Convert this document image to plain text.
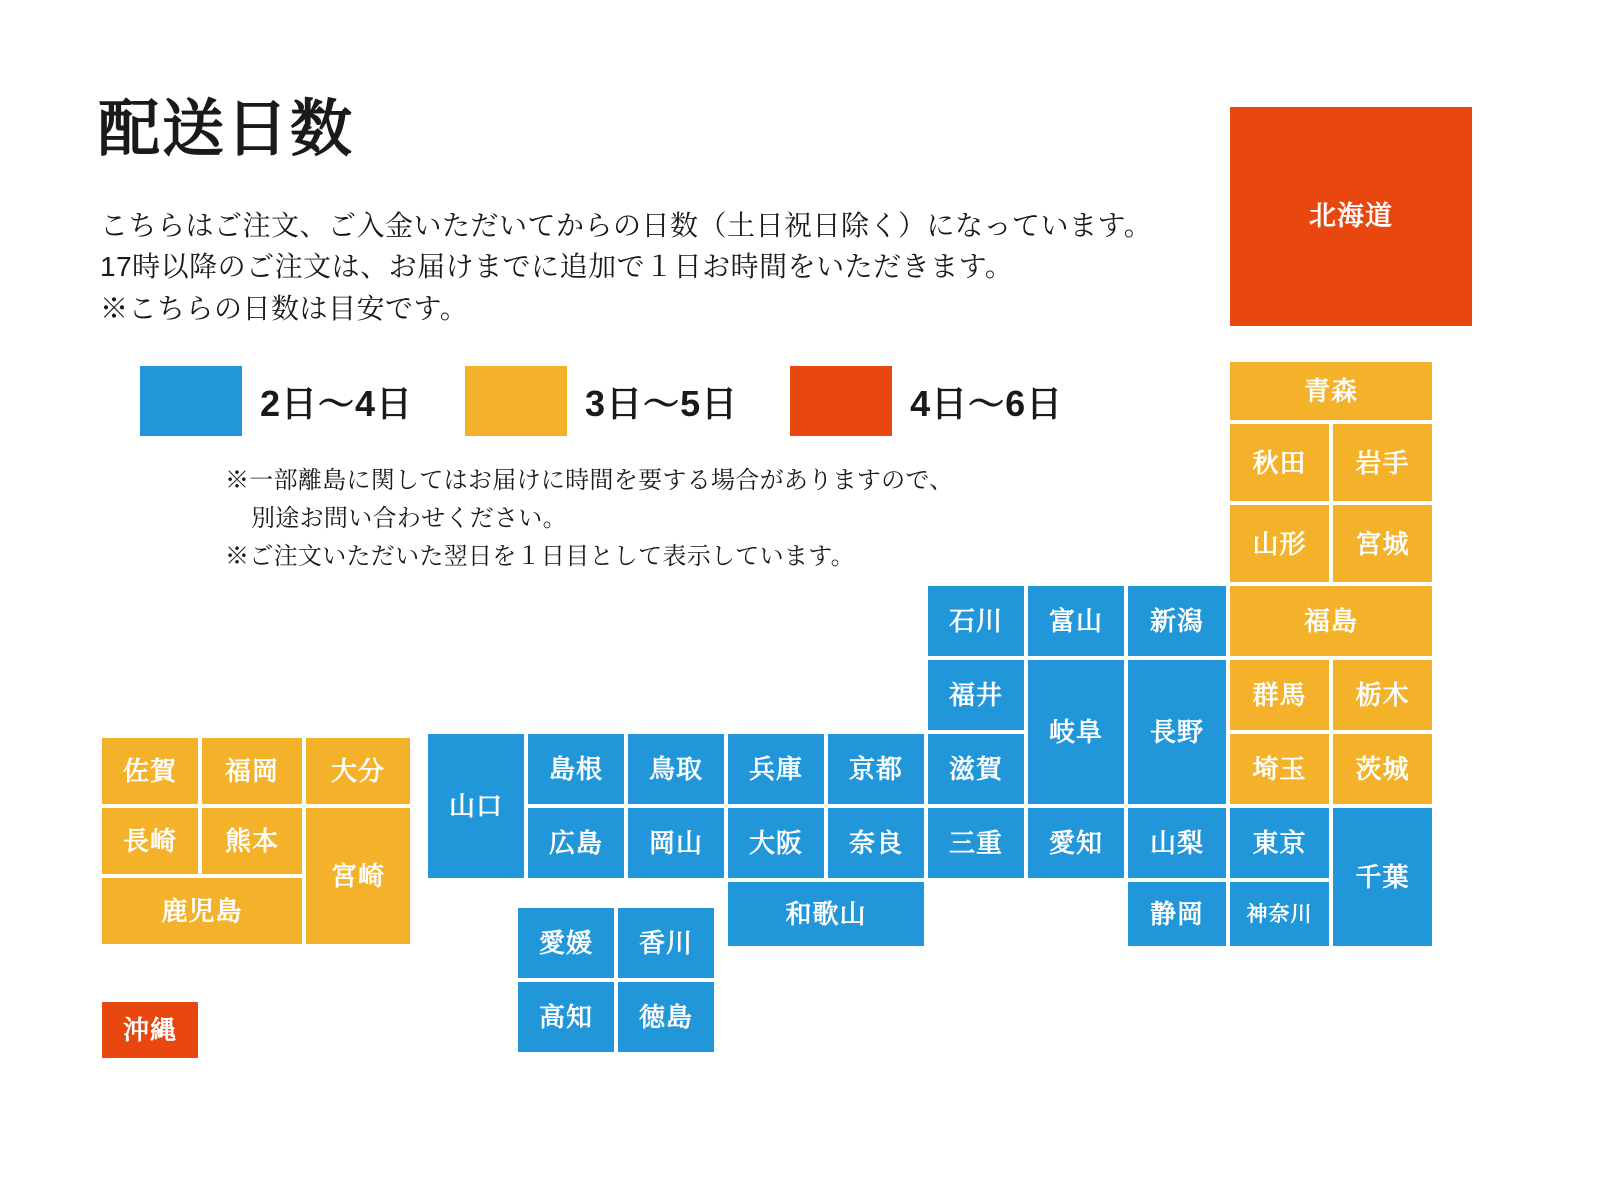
配送日数
こちらはご注文、ご入金いただいてからの日数（土日祝日除く）になっています。
17時以降のご注文は、お届けまでに追加で１日お時間をいただきます。
※こちらの日数は目安です。
2日〜4日	3日〜5日	4日〜6日
※一部離島に関してはお届けに時間を要する場合がありますので、
別途お問い合わせください。
※ご注文いただいた翌日を１日目として表示しています。
北海道
青森
秋田 岩手
山形 宮城
福島
群馬 栃木
埼玉 茨城
東京
千葉
神奈川
静岡
山梨
長野
新潟
富山
石川
岐阜
福井
滋賀
愛知
三重
京都
奈良
兵庫
大阪
和歌山
鳥取
岡山
島根
広島
山口
香川
愛媛
徳島
高知
大分
福岡
佐賀
宮崎
熊本
長崎
鹿児島
沖縄
